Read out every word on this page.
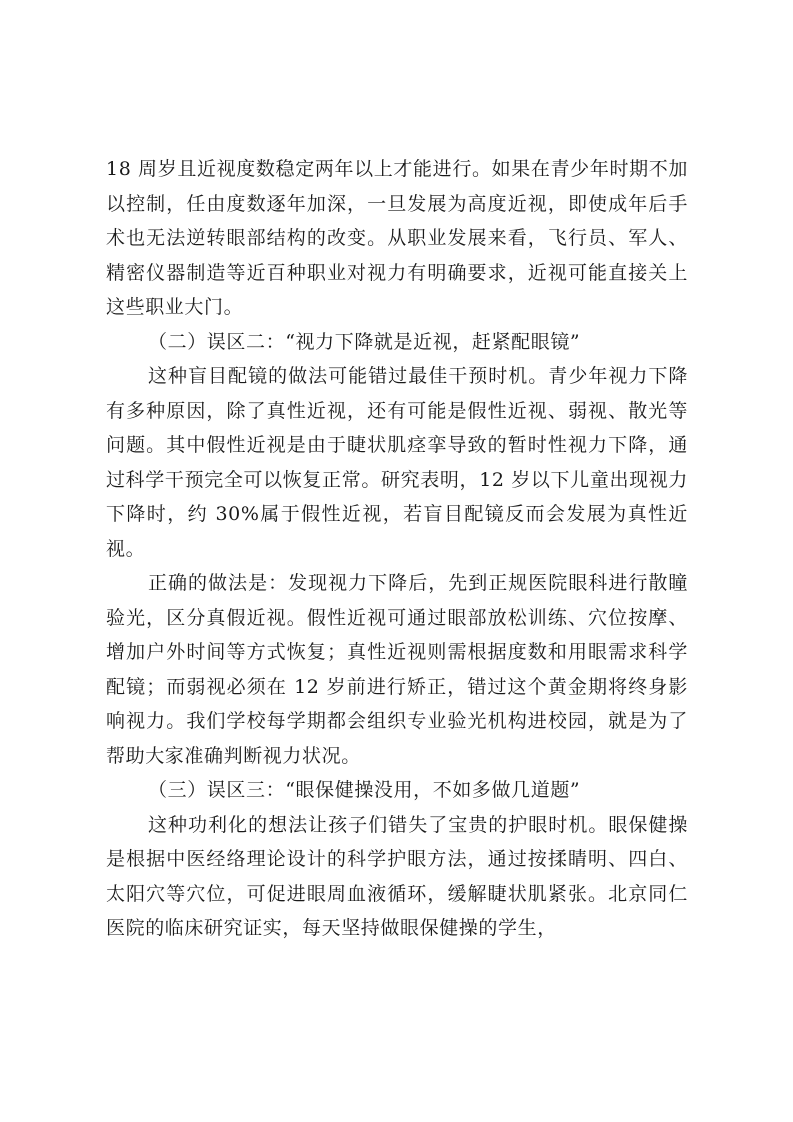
18 周岁且近视度数稳定两年以上才能进行。如果在青少年时期不加以控制，任由度数逐年加深，一旦发展为高度近视，即使成年后手术也无法逆转眼部结构的改变。从职业发展来看，飞行员、军人、精密仪器制造等近百种职业对视力有明确要求，近视可能直接关上这些职业大门。

（二）误区二：“视力下降就是近视，赶紧配眼镜”

这种盲目配镜的做法可能错过最佳干预时机。青少年视力下降有多种原因，除了真性近视，还有可能是假性近视、弱视、散光等问题。其中假性近视是由于睫状肌痉挛导致的暂时性视力下降，通过科学干预完全可以恢复正常。研究表明，12 岁以下儿童出现视力下降时，约 30%属于假性近视，若盲目配镜反而会发展为真性近视。

正确的做法是：发现视力下降后，先到正规医院眼科进行散瞳验光，区分真假近视。假性近视可通过眼部放松训练、穴位按摩、增加户外时间等方式恢复；真性近视则需根据度数和用眼需求科学配镜；而弱视必须在 12 岁前进行矫正，错过这个黄金期将终身影响视力。我们学校每学期都会组织专业验光机构进校园，就是为了帮助大家准确判断视力状况。

（三）误区三：“眼保健操没用，不如多做几道题”

这种功利化的想法让孩子们错失了宝贵的护眼时机。眼保健操是根据中医经络理论设计的科学护眼方法，通过按揉睛明、四白、太阳穴等穴位，可促进眼周血液循环，缓解睫状肌紧张。北京同仁医院的临床研究证实，每天坚持做眼保健操的学生，
